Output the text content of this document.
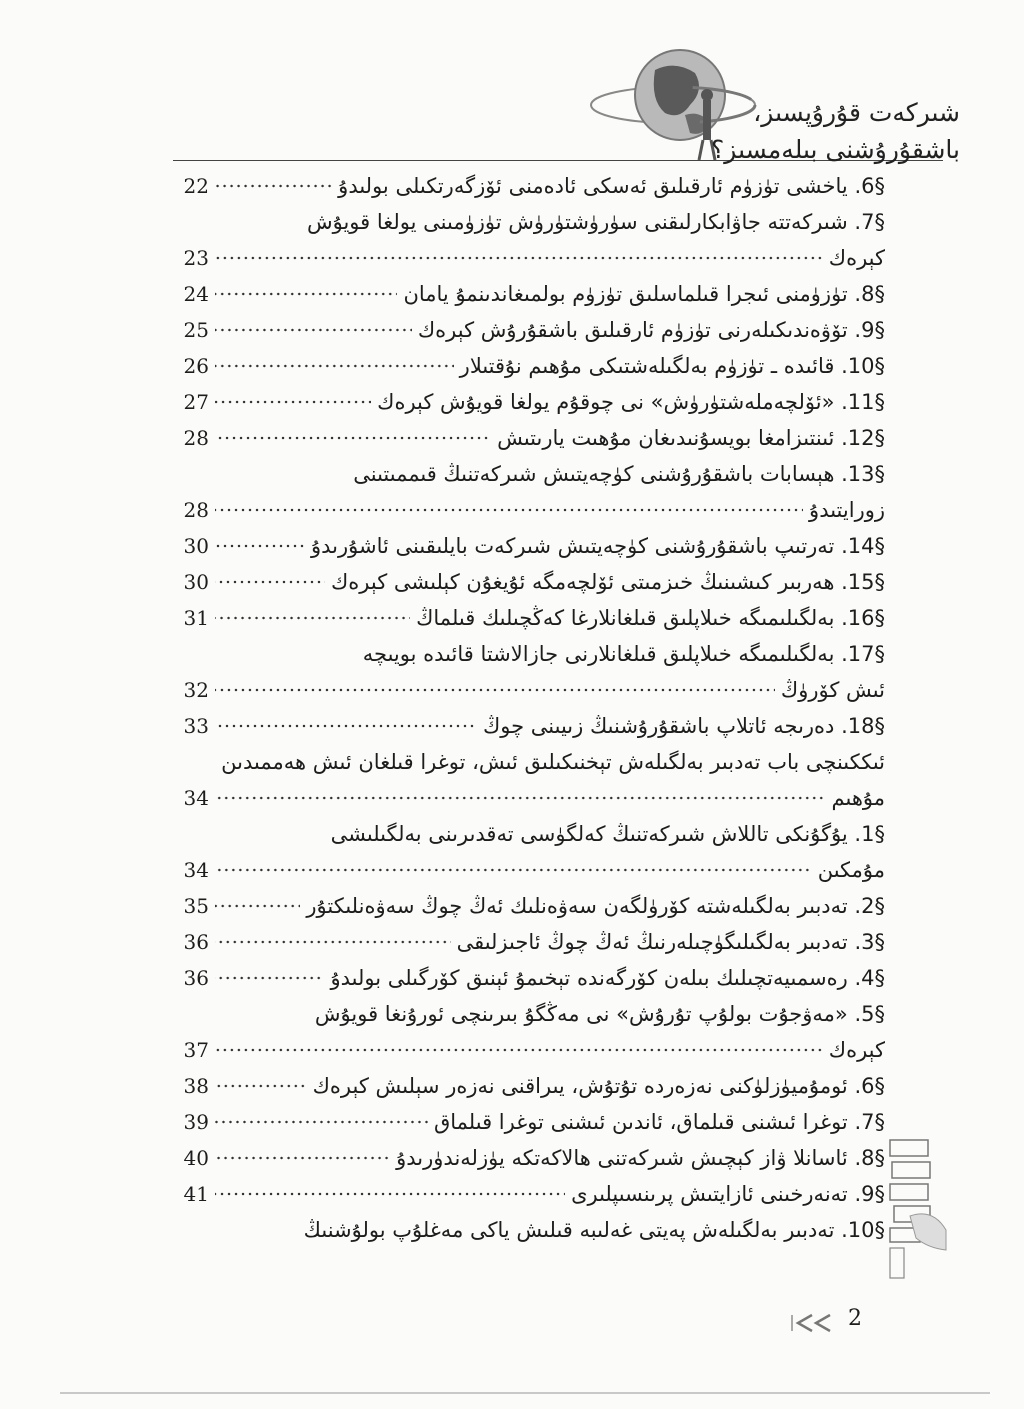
شىركەت قۇرۇپسىز،
باشقۇرۇشنى بىلەمسىز؟
§6. ياخشى تۈزۈم ئارقىلىق ئەسكى ئادەمنى ئۆزگەرتكىلى بولىدۇ
22
§7. شىركەتتە جاۋابكارلىقنى سۈرۈشتۈرۈش تۈزۈمىنى يولغا قويۇش
كېرەك
23
§8. تۈزۈمنى ئىجرا قىلماسلىق تۈزۈم بولمىغاندىنمۇ يامان
24
§9. تۆۋەندىكىلەرنى تۈزۈم ئارقىلىق باشقۇرۇش كېرەك
25
§10. قائىدە ـ تۈزۈم بەلگىلەشتىكى مۇھىم نۇقتىلار
26
§11. «ئۆلچەملەشتۈرۈش» نى چوقۇم يولغا قويۇش كېرەك
27
§12. ئىنتىزامغا بويسۇنىدىغان مۇھىت يارىتىش
28
§13. ھېسابات باشقۇرۇشنى كۈچەيتىش شىركەتنىڭ قىممىتىنى
زورايتىدۇ
28
§14. تەرتىپ باشقۇرۇشنى كۈچەيتىش شىركەت بايلىقىنى ئاشۇرىدۇ
30
§15. ھەربىر كىشىنىڭ خىزمىتى ئۆلچەمگە ئۇيغۇن كېلىشى كېرەك
30
§16. بەلگىلىمىگە خىلاپلىق قىلغانلارغا كەڭچىلىك قىلماڭ
31
§17. بەلگىلىمىگە خىلاپلىق قىلغانلارنى جازالاشتا قائىدە بويىچە
ئىش كۆرۈڭ
32
§18. دەرىجە ئاتلاپ باشقۇرۇشنىڭ زىيىنى چوڭ
33
ئىككىنچى باب تەدبىر بەلگىلەش تېخنىكىلىق ئىش، توغرا قىلغان ئىش ھەممىدىن
مۇھىم
34
§1. يۇگۇنكى تاللاش شىركەتنىڭ كەلگۈسى تەقدىرىنى بەلگىلىشى
مۇمكىن
34
§2. تەدبىر بەلگىلەشتە كۆرۈلگەن سەۋەنلىك ئەڭ چوڭ سەۋەنلىكتۇر
35
§3. تەدبىر بەلگىلىگۈچىلەرنىڭ ئەڭ چوڭ ئاجىزلىقى
36
§4. رەسمىيەتچىلىك بىلەن كۆرگەندە تېخىمۇ ئېنىق كۆرگىلى بولىدۇ
36
§5. «مەۋجۇت بولۇپ تۇرۇش» نى مەڭگۇ بىرىنچى ئورۇنغا قويۇش
كېرەك
37
§6. ئومۇميۈزلۈكنى نەزەردە تۇتۇش، يىراقنى نەزەر سېلىش كېرەك
38
§7. توغرا ئىشنى قىلماق، ئاندىن ئىشنى توغرا قىلماق
39
§8. ئاسانلا ۋاز كېچىش شىركەتنى ھالاكەتكە يۈزلەندۈرىدۇ
40
§9. تەنەرخىنى ئازايتىش پرىنسىپلىرى
41
§10. تەدبىر بەلگىلەش پەيتى غەلىبە قىلىش ياكى مەغلۇپ بولۇشنىڭ
2
